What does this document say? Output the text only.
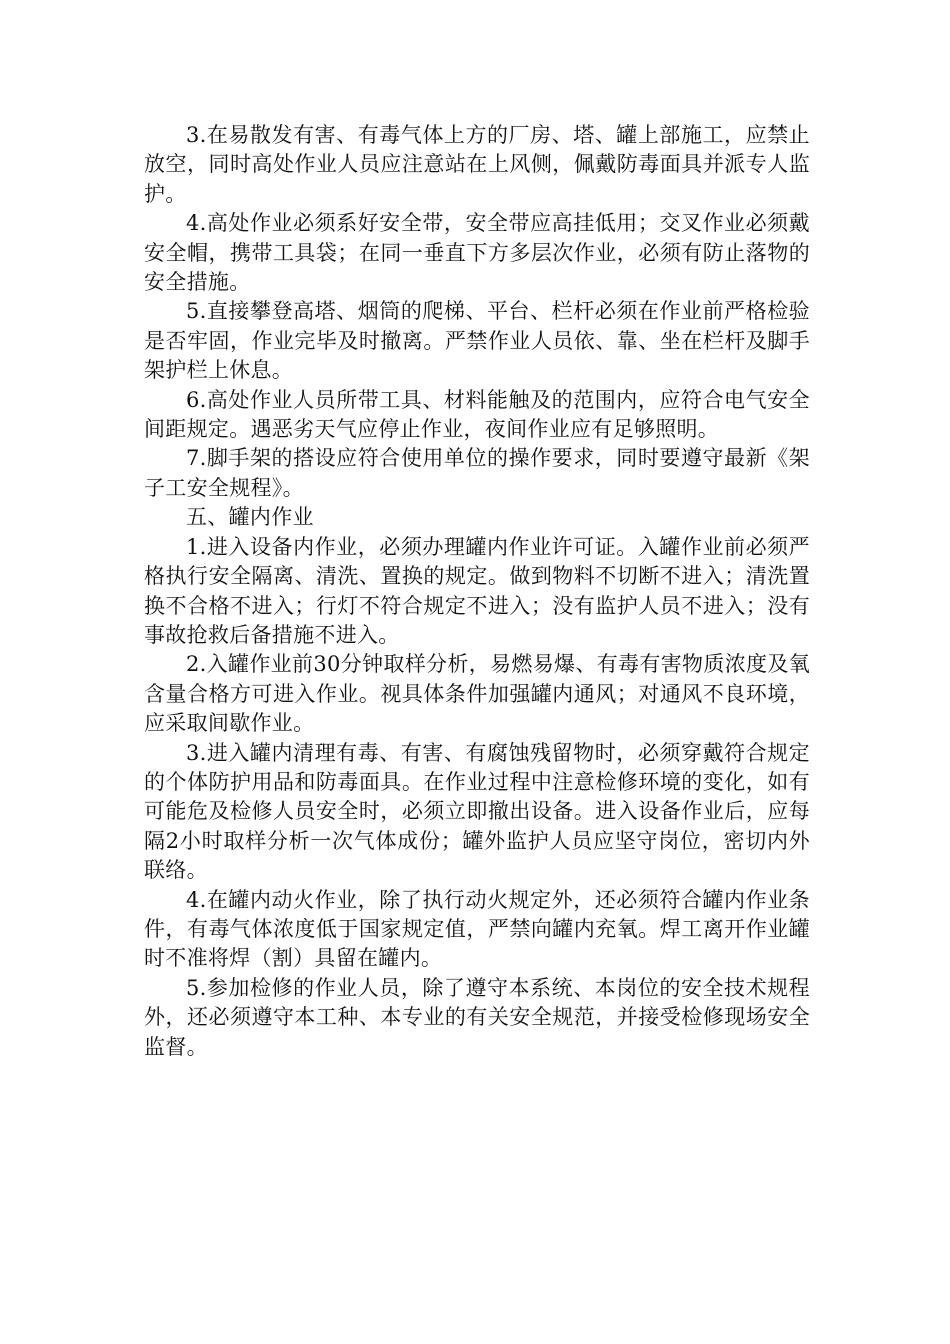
3.在易散发有害、有毒气体上方的厂房、塔、罐上部施工，应禁止放空，同时高处作业人员应注意站在上风侧，佩戴防毒面具并派专人监护。

4.高处作业必须系好安全带，安全带应高挂低用；交叉作业必须戴安全帽，携带工具袋；在同一垂直下方多层次作业，必须有防止落物的安全措施。

5.直接攀登高塔、烟筒的爬梯、平台、栏杆必须在作业前严格检验是否牢固，作业完毕及时撤离。严禁作业人员依、靠、坐在栏杆及脚手架护栏上休息。

6.高处作业人员所带工具、材料能触及的范围内，应符合电气安全间距规定。遇恶劣天气应停止作业，夜间作业应有足够照明。

7.脚手架的搭设应符合使用单位的操作要求，同时要遵守最新《架子工安全规程》。

五、罐内作业

1.进入设备内作业，必须办理罐内作业许可证。入罐作业前必须严格执行安全隔离、清洗、置换的规定。做到物料不切断不进入；清洗置换不合格不进入；行灯不符合规定不进入；没有监护人员不进入；没有事故抢救后备措施不进入。

2.入罐作业前30分钟取样分析，易燃易爆、有毒有害物质浓度及氧含量合格方可进入作业。视具体条件加强罐内通风；对通风不良环境，应采取间歇作业。

3.进入罐内清理有毒、有害、有腐蚀残留物时，必须穿戴符合规定的个体防护用品和防毒面具。在作业过程中注意检修环境的变化，如有可能危及检修人员安全时，必须立即撤出设备。进入设备作业后，应每隔2小时取样分析一次气体成份；罐外监护人员应坚守岗位，密切内外联络。

4.在罐内动火作业，除了执行动火规定外，还必须符合罐内作业条件，有毒气体浓度低于国家规定值，严禁向罐内充氧。焊工离开作业罐时不准将焊（割）具留在罐内。

5.参加检修的作业人员，除了遵守本系统、本岗位的安全技术规程外，还必须遵守本工种、本专业的有关安全规范，并接受检修现场安全监督。
